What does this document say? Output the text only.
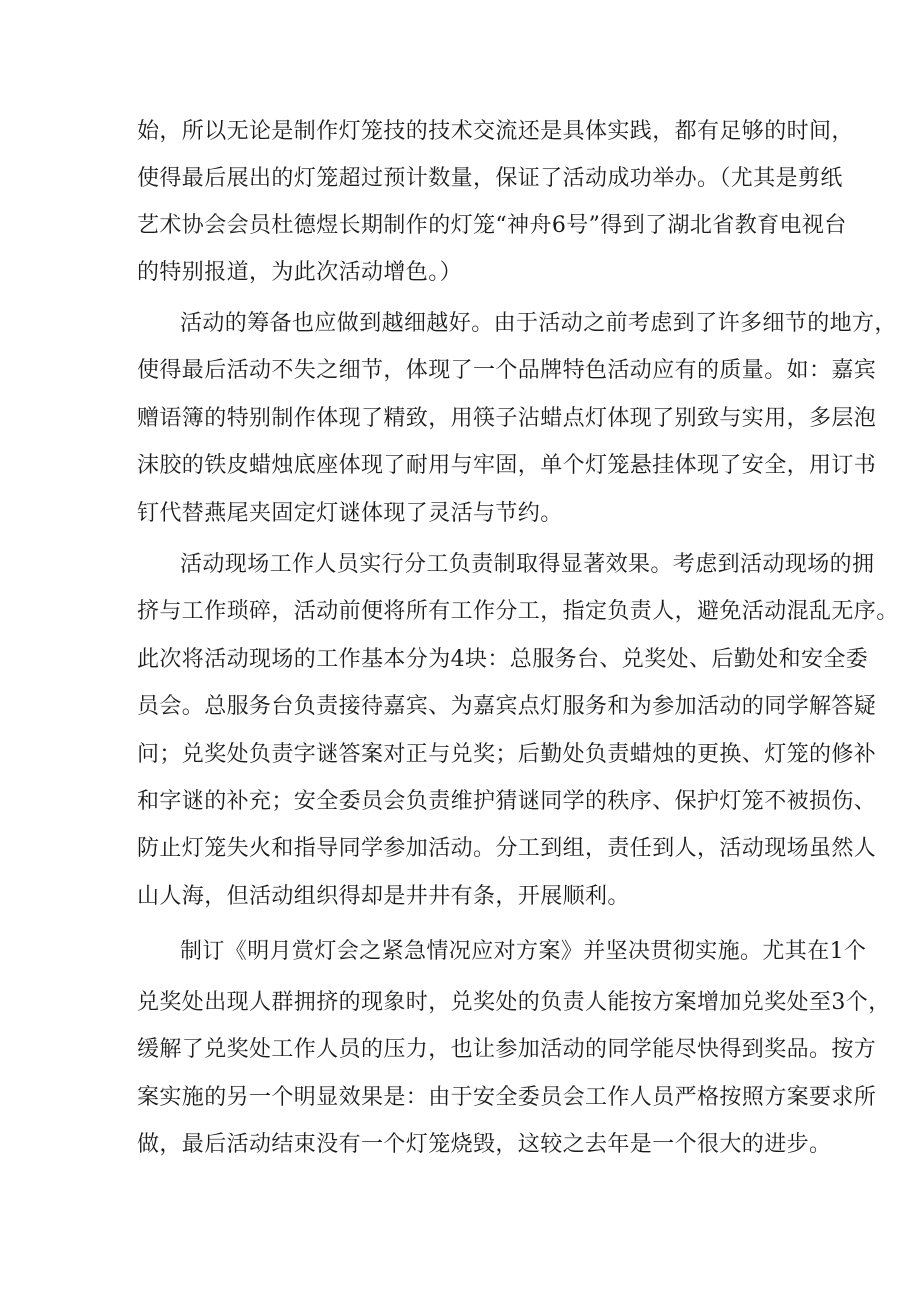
始，所以无论是制作灯笼技的技术交流还是具体实践，都有足够的时间，
使得最后展出的灯笼超过预计数量，保证了活动成功举办。（尤其是剪纸
艺术协会会员杜德煜长期制作的灯笼“神舟6号”得到了湖北省教育电视台
的特别报道，为此次活动增色。）
活动的筹备也应做到越细越好。由于活动之前考虑到了许多细节的地方，
使得最后活动不失之细节，体现了一个品牌特色活动应有的质量。如：嘉宾
赠语簿的特别制作体现了精致，用筷子沾蜡点灯体现了别致与实用，多层泡
沫胶的铁皮蜡烛底座体现了耐用与牢固，单个灯笼悬挂体现了安全，用订书
钉代替燕尾夹固定灯谜体现了灵活与节约。
活动现场工作人员实行分工负责制取得显著效果。考虑到活动现场的拥
挤与工作琐碎，活动前便将所有工作分工，指定负责人，避免活动混乱无序。
此次将活动现场的工作基本分为4块：总服务台、兑奖处、后勤处和安全委
员会。总服务台负责接待嘉宾、为嘉宾点灯服务和为参加活动的同学解答疑
问；兑奖处负责字谜答案对正与兑奖；后勤处负责蜡烛的更换、灯笼的修补
和字谜的补充；安全委员会负责维护猜谜同学的秩序、保护灯笼不被损伤、
防止灯笼失火和指导同学参加活动。分工到组，责任到人，活动现场虽然人
山人海，但活动组织得却是井井有条，开展顺利。
制订《明月赏灯会之紧急情况应对方案》并坚决贯彻实施。尤其在1个
兑奖处出现人群拥挤的现象时，兑奖处的负责人能按方案增加兑奖处至3个，
缓解了兑奖处工作人员的压力，也让参加活动的同学能尽快得到奖品。按方
案实施的另一个明显效果是：由于安全委员会工作人员严格按照方案要求所
做，最后活动结束没有一个灯笼烧毁，这较之去年是一个很大的进步。
